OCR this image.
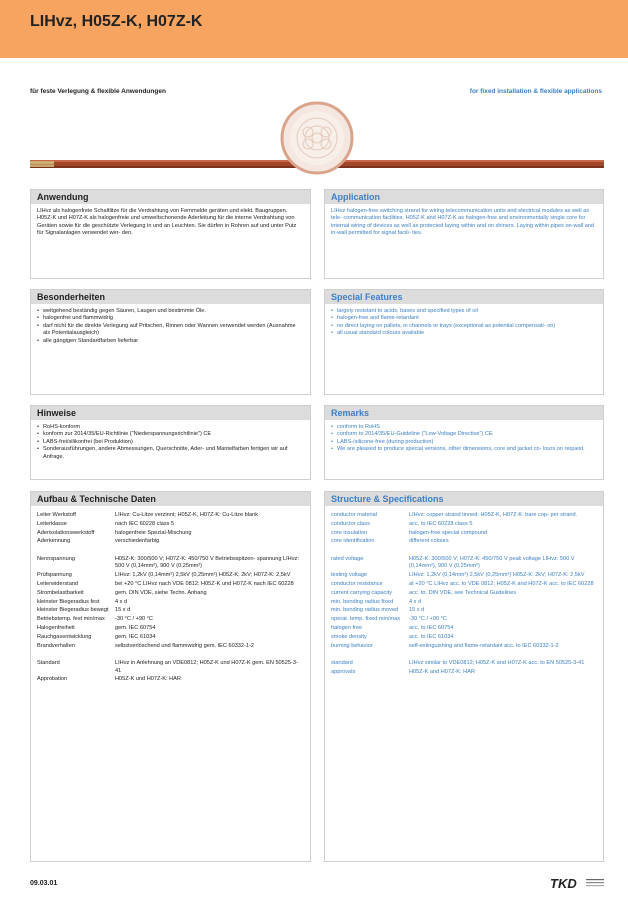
LIHvz, H05Z-K, H07Z-K
für feste Verlegung & flexible Anwendungen	for fixed installation & flexible applications
Anwendung
LIHvz als halogenfreie Schaltlitze für die Verdrahtung von Fernmelde geräten und elekt. Baugruppen. H05Z-K und H07Z-K als halogenfreie und umweltschonende Aderleitung für die interne Verdrahtung von Geräten sowie für die geschützte Verlegung in und an Leuchten. Sie dürfen in Rohren auf und unter Putz für Signalanlagen verwendet wer- den.
Application
LIHvz halogen-free switching strand for wiring telecommunication units and electrical modules as well as tele- communication facilities. H05Z-K and H07Z-K as halogen-free and environmentally single core for internal wiring of devices as well as protected laying within and on shiners. Laying within pipes on-wall and in-wall permitted for signal facili- ties.
Besonderheiten
• weitgehend beständig gegen Säuren, Laugen und bestimmte Öle.
• halogenfrei und flammwidrig
• darf nicht für die direkte Verlegung auf Pritschen, Rinnen oder Wannen verwendet werden (Ausnahme als Potentialausgleich)
• alle gängigen Standardfarben lieferbar
Special Features
• largely resistant to acids, bases and specified types of oil
• halogen-free and flame-retardant
• no direct laying on pallets, in channels or trays (exceptional as potential compensati- on)
• all usual standard colours available
Hinweise
• RoHS-konform
• konform zur 2014/35/EU-Richtlinie ("Niederspannungsrichtlinie") CE
• LABS-frei/silikonfrei (bei Produktion)
• Sonderausführungen, andere Abmessungen, Querschnitte, Ader- und Mantelfarben fertigen wir auf Anfrage.
Remarks
• conform to RoHS
• conform to 2014/35/EU-Guideline ("Low-Voltage Directive") CE
• LABS-/silicone-free (during production)
• We are pleased to produce special versions, other dimensions, core and jacket co- lours on request.
Aufbau & Technische Daten
Leiter Werkstoff	LIHvz: Cu-Litze verzinnt; H05Z-K, H07Z-K: Cu-Litze blank
Leiterklasse	nach IEC 60228 class 5
Aderisolationswerkstoff	halogenfreie Spezial-Mischung
Aderkennung	verschiedenfarbig

Nennspannung	H05Z-K: 300/500 V; H07Z-K: 450/750 V Betriebsspitzen- spannung LIHvz: 500 V (0,14mm²), 900 V (0,25mm²)
Prüfspannung	LIHvz: 1,2kV (0,14mm²) 2,5kV (0,25mm²) H05Z-K: 2kV; H07Z-K: 2,5kV
Leiterwiderstand	bei +20 °C LIHvz nach VDE 0812; H05Z-K und H07Z-K nach IEC 60228
Strombelastbarkeit	gem. DIN VDE, siehe Techn. Anhang
kleinster Biegeradius fest	4 x d
kleinster Biegeradius bewegt	15 x d
Betriebstemp. fest min/max	-30 °C / +90 °C
Halogenfreiheit	gem. IEC 60754
Rauchgasentwicklung	gem. IEC 61034
Brandverhalten	selbstverlöschend und flammwidrig gem. IEC 60332-1-2

Standard	LIHvz in Anlehnung an VDE0812; H05Z-K und H07Z-K gem. EN 50525-3-41
Approbation	H05Z-K und H07Z-K: HAR
Structure & Specifications
conductor material	LIHvz: copper strand tinned; H05Z-K, H07Z-K: bare cop- per strand.
conductor class	acc. to IEC 60228 class 5
core insulation	halogen-free special compound
core identification	different colours

rated voltage	H05Z-K: 300/500 V; H07Z-K: 450/750 V peak voltage LIHvz: 500 V (0,14mm²), 900 V (0,25mm²)
testing voltage	LIHvz: 1,2kV (0,14mm²) 2,5kV (0,25mm²) H05Z-K: 2kV; H07Z-K: 2,5kV
conductor resistance	at +20 °C LIHvz acc. to VDE 0812; H05Z-K and H07Z-K acc. to IEC 60228
current carrying capacity	acc. to. DIN VDE, see Technical Guidelines
min. bending radius fixed	4 x d
min. bending radius moved	15 x d
operat. temp. fixed min/max	-30 °C / +90 °C
halogen free	acc. to IEC 60754
smoke density	acc. to IEC 61034
burning behavior	self-extinguishing and flame-retardant acc. to IEC 60332-1-2

standard	LIHvz similar to VDE0812; H05Z-K and H07Z-K acc. to EN 50525-3-41
approvals	H05Z-K and H07Z-K: HAR
09.03.01	TKD
